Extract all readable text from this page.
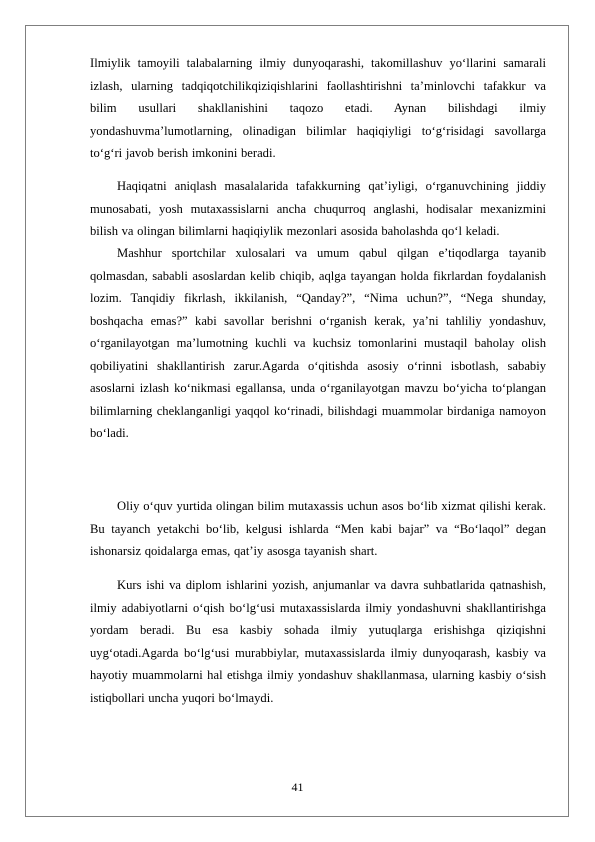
Ilmiylik tamoyili talabalarning ilmiy dunyoqarashi, takomillashuv yo‘llarini samarali izlash, ularning tadqiqotchilikqiziqishlarini faollashtirishni ta’minlovchi tafakkur va bilim usullari shakllanishini taqozo etadi. Aynan bilishdagi ilmiy yondashuvma’lumotlarning, olinadigan bilimlar haqiqiyligi to‘g‘risidagi savollarga to‘g‘ri javob berish imkonini beradi.

Haqiqatni aniqlash masalalarida tafakkurning qat’iyligi, o‘rganuvchining jiddiy munosabati, yosh mutaxassislarni ancha chuqurroq anglashi, hodisalar mexanizmini bilish va olingan bilimlarni haqiqiylik mezonlari asosida baholashda qo‘l keladi.

Mashhur sportchilar xulosalari va umum qabul qilgan e’tiqodlarga tayanib qolmasdan, sababli asoslardan kelib chiqib, aqlga tayangan holda fikrlardan foydalanish lozim. Tanqidiy fikrlash, ikkilanish, “Qanday?”, “Nima uchun?”, “Nega shunday, boshqacha emas?” kabi savollar berishni o‘rganish kerak, ya’ni tahliliy yondashuv, o‘rganilayotgan ma’lumotning kuchli va kuchsiz tomonlarini mustaqil baholay olish qobiliyatini shakllantirish zarur.Agarda o‘qitishda asosiy o‘rinni isbotlash, sababiy asoslarni izlash ko‘nikmasi egallansa, unda o‘rganilayotgan mavzu bo‘yicha to‘plangan bilimlarning cheklanganligi yaqqol ko‘rinadi, bilishdagi muammolar birdaniga namoyon bo‘ladi.

Oliy o‘quv yurtida olingan bilim mutaxassis uchun asos bo‘lib xizmat qilishi kerak. Bu tayanch yetakchi bo‘lib, kelgusi ishlarda “Men kabi bajar” va “Bo‘laqol” degan ishonarsiz qoidalarga emas, qat’iy asosga tayanish shart.

Kurs ishi va diplom ishlarini yozish, anjumanlar va davra suhbatlarida qatnashish, ilmiy adabiyotlarni o‘qish bo‘lg‘usi mutaxassislarda ilmiy yondashuvni shakllantirishga yordam beradi. Bu esa kasbiy sohada ilmiy yutuqlarga erishishga qiziqishni uyg‘otadi.Agarda bo‘lg‘usi murabbiylar, mutaxassislarda ilmiy dunyoqarash, kasbiy va hayotiy muammolarni hal etishga ilmiy yondashuv shakllanmasa, ularning kasbiy o‘sish istiqbollari uncha yuqori bo‘lmaydi.

41
